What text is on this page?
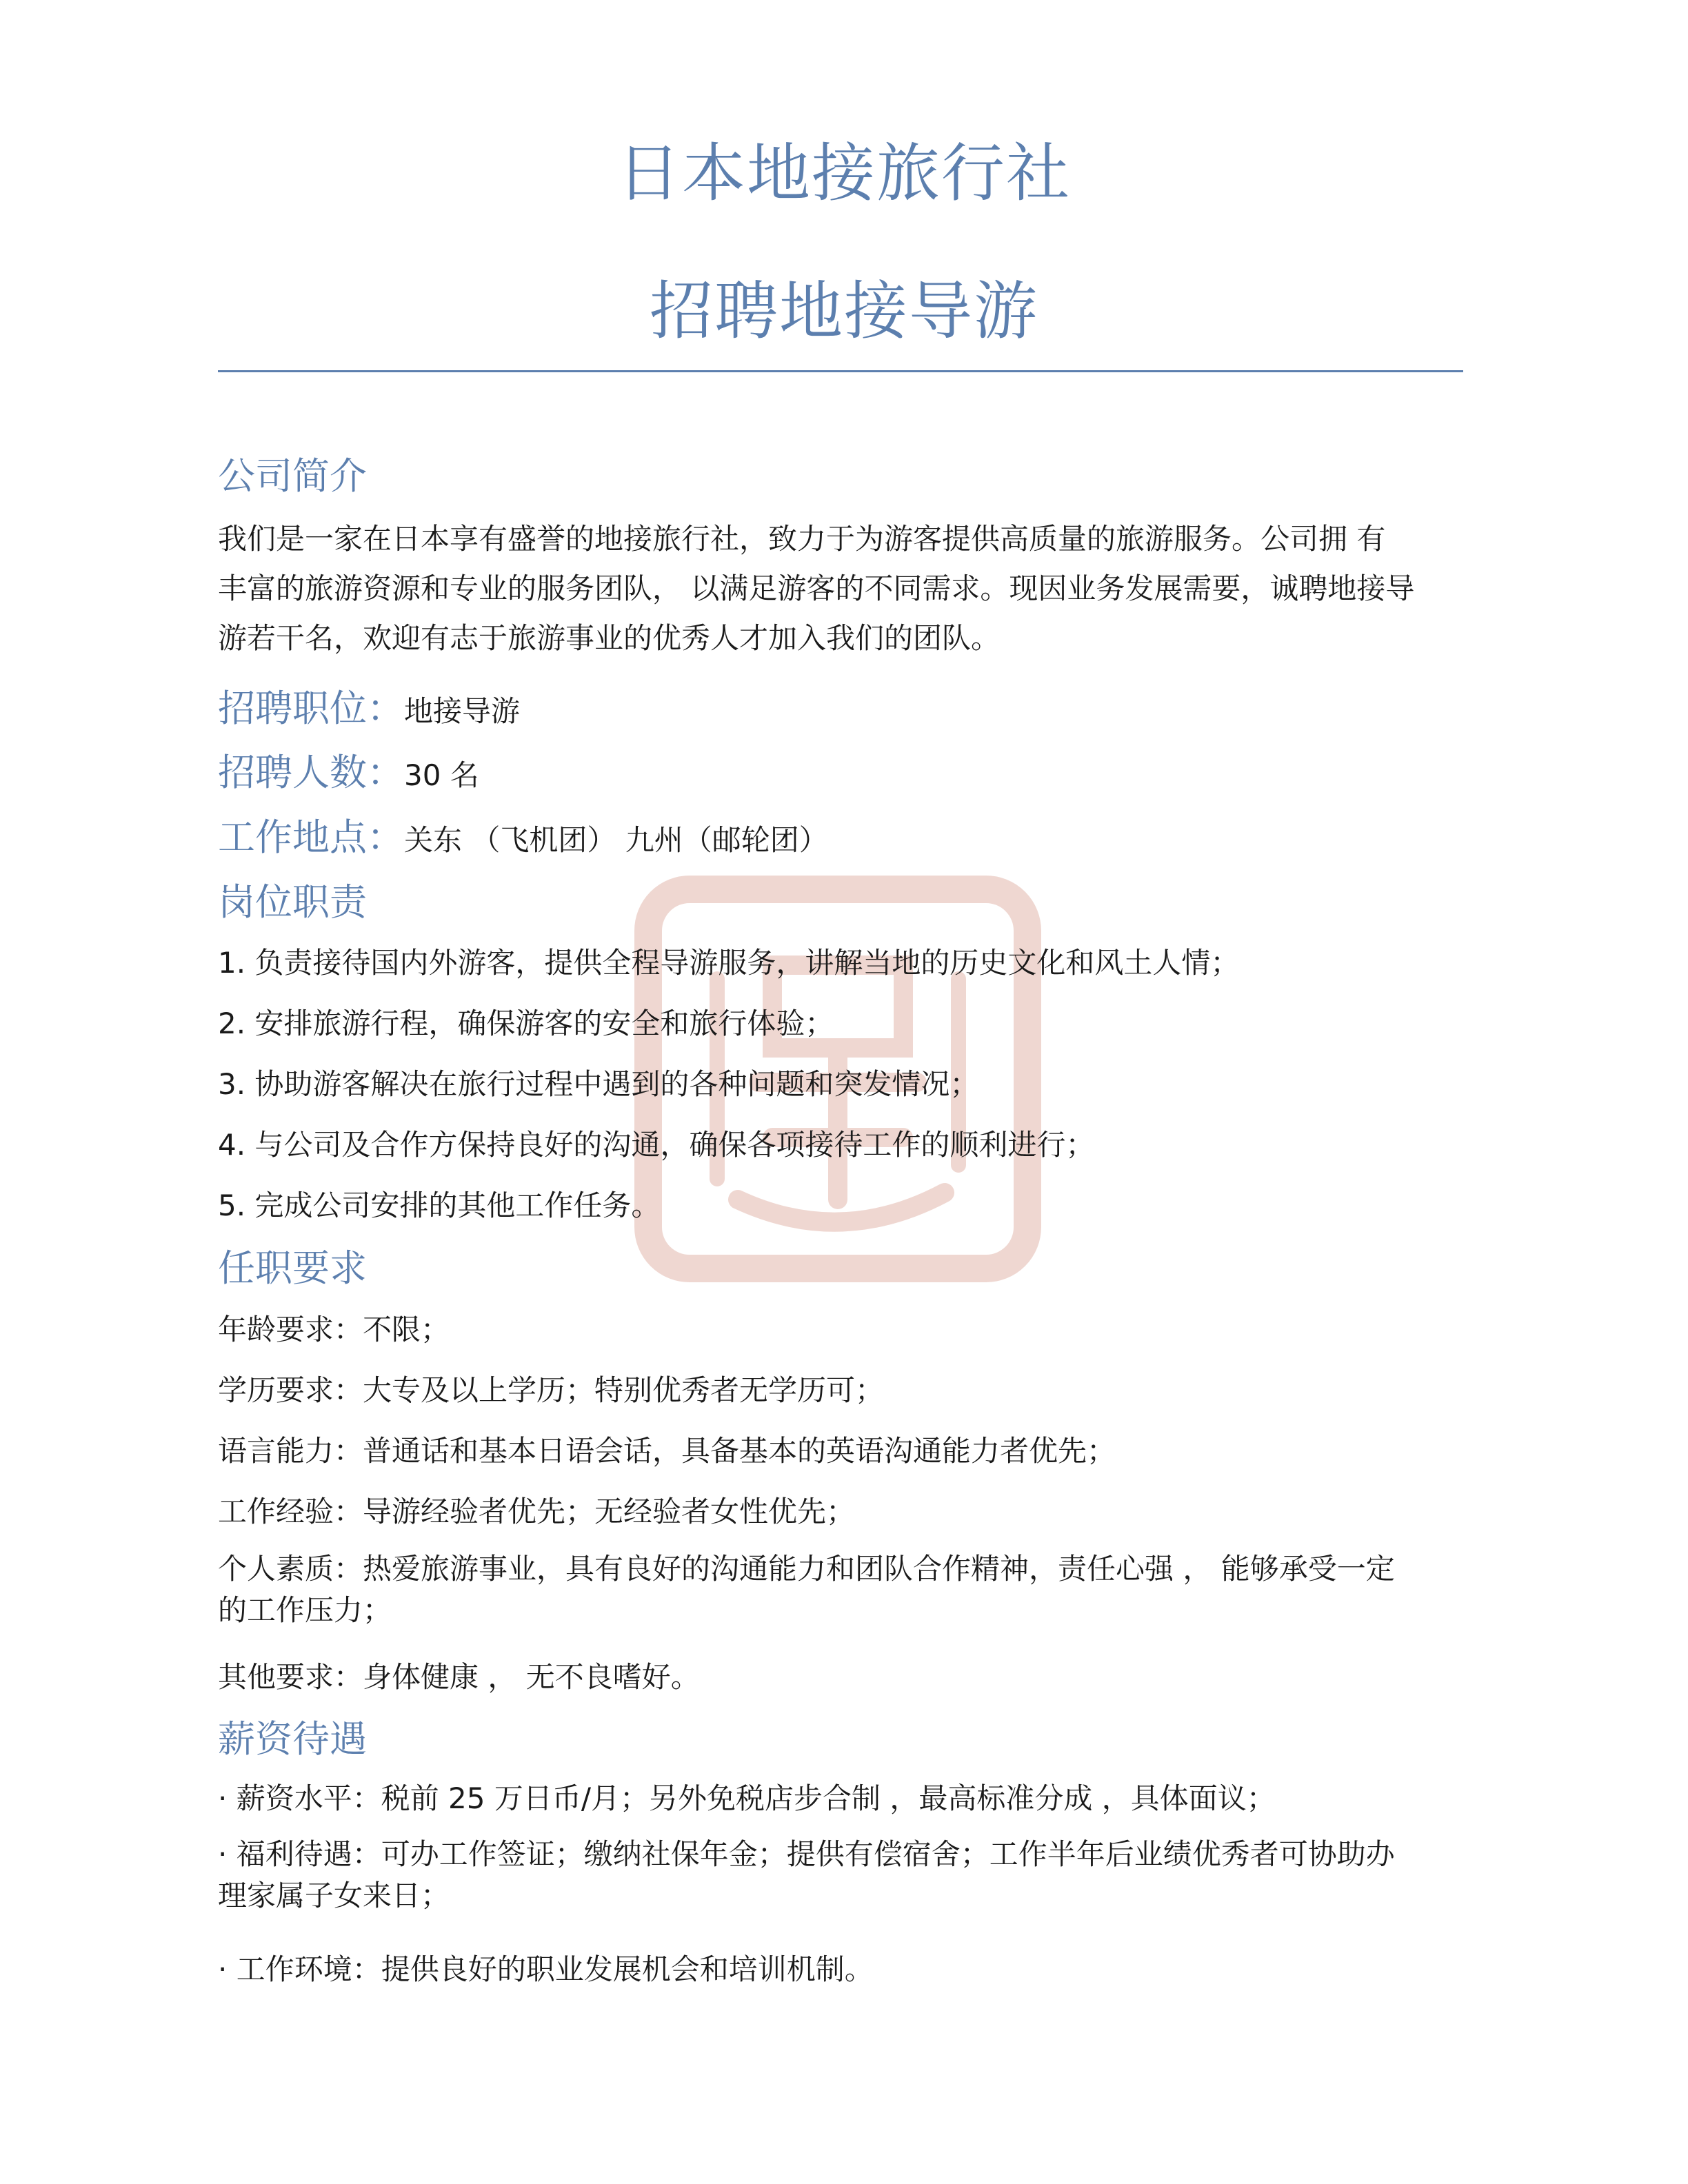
日本地接旅行社
招聘地接导游
公司简介
我们是一家在日本享有盛誉的地接旅行社，致力于为游客提供高质量的旅游服务。公司拥 有
丰富的旅游资源和专业的服务团队， 以满足游客的不同需求。现因业务发展需要，诚聘地接导
游若干名，欢迎有志于旅游事业的优秀人才加入我们的团队。
招聘职位：地接导游
招聘人数：30 名
工作地点：关东 （飞机团） 九州（邮轮团）
岗位职责
1. 负责接待国内外游客，提供全程导游服务，讲解当地的历史文化和风土人情；
2. 安排旅游行程，确保游客的安全和旅行体验；
3. 协助游客解决在旅行过程中遇到的各种问题和突发情况；
4. 与公司及合作方保持良好的沟通，确保各项接待工作的顺利进行；
5. 完成公司安排的其他工作任务。
任职要求
年龄要求：不限；
学历要求：大专及以上学历；特别优秀者无学历可；
语言能力：普通话和基本日语会话，具备基本的英语沟通能力者优先；
工作经验：导游经验者优先；无经验者女性优先；
个人素质：热爱旅游事业，具有良好的沟通能力和团队合作精神，责任心强 ， 能够承受一定
的工作压力；
其他要求：身体健康 ， 无不良嗜好。
薪资待遇
· 薪资水平：税前 25 万日币/月；另外免税店步合制 ，最高标准分成 ，具体面议；
· 福利待遇：可办工作签证；缴纳社保年金；提供有偿宿舍；工作半年后业绩优秀者可协助办
理家属子女来日；
· 工作环境：提供良好的职业发展机会和培训机制。
